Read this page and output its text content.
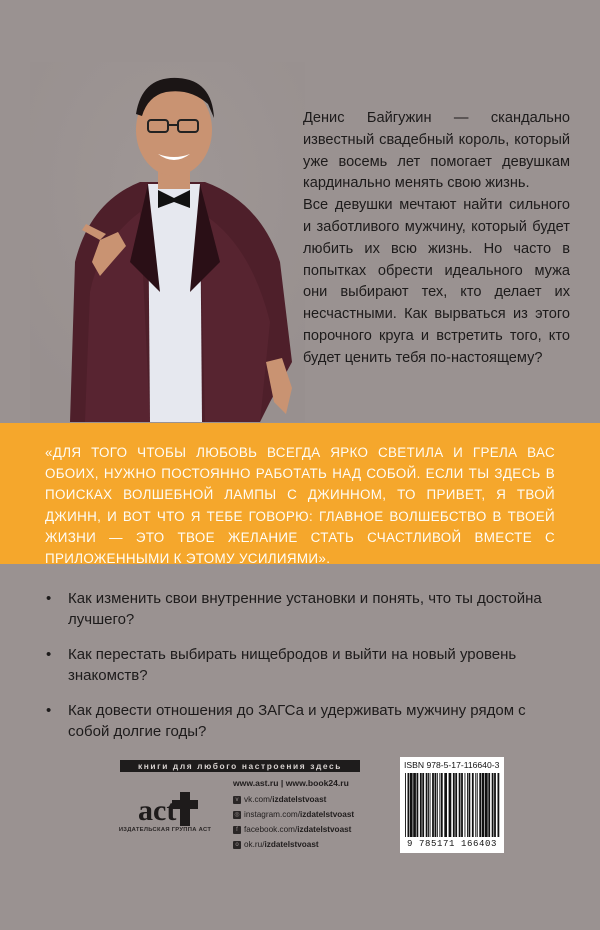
Денис Байгужин — скандально известный свадебный король, который уже восемь лет помогает девушкам кардинально менять свою жизнь.

Все девушки мечтают найти сильного и заботливого мужчину, который будет любить их всю жизнь. Но часто в попытках обрести идеального мужа они выбирают тех, кто делает их несчастными. Как вырваться из этого порочного круга и встретить того, кто будет ценить тебя по-настоящему?

«ДЛЯ ТОГО ЧТОБЫ ЛЮБОВЬ ВСЕГДА ЯРКО СВЕТИЛА И ГРЕЛА ВАС ОБОИХ, НУЖНО ПОСТОЯННО РАБОТАТЬ НАД СОБОЙ. ЕСЛИ ТЫ ЗДЕСЬ В ПОИСКАХ ВОЛШЕБНОЙ ЛАМПЫ С ДЖИННОМ, ТО ПРИВЕТ, Я ТВОЙ ДЖИНН, И ВОТ ЧТО Я ТЕБЕ ГОВОРЮ: ГЛАВНОЕ ВОЛШЕБСТВО В ТВОЕЙ ЖИЗНИ — ЭТО ТВОЕ ЖЕЛАНИЕ СТАТЬ СЧАСТЛИВОЙ ВМЕСТЕ С ПРИЛОЖЕННЫМИ К ЭТОМУ УСИЛИЯМИ».
• Как изменить свои внутренние установки и понять, что ты достойна лучшего?
• Как перестать выбирать нищебродов и выйти на новый уровень знакомств?
• Как довести отношения до ЗАГСа и удерживать мужчину рядом с собой долгие годы?
книги для любого настроения здесь
act
ИЗДАТЕЛЬСКАЯ ГРУППА АСТ
www.ast.ru | www.book24.ru
v vk.com/izdatelstvoast
◎ instagram.com/izdatelstvoast
f facebook.com/izdatelstvoast
o ok.ru/izdatelstvoast
ISBN 978-5-17-116640-3
9 785171 166403
